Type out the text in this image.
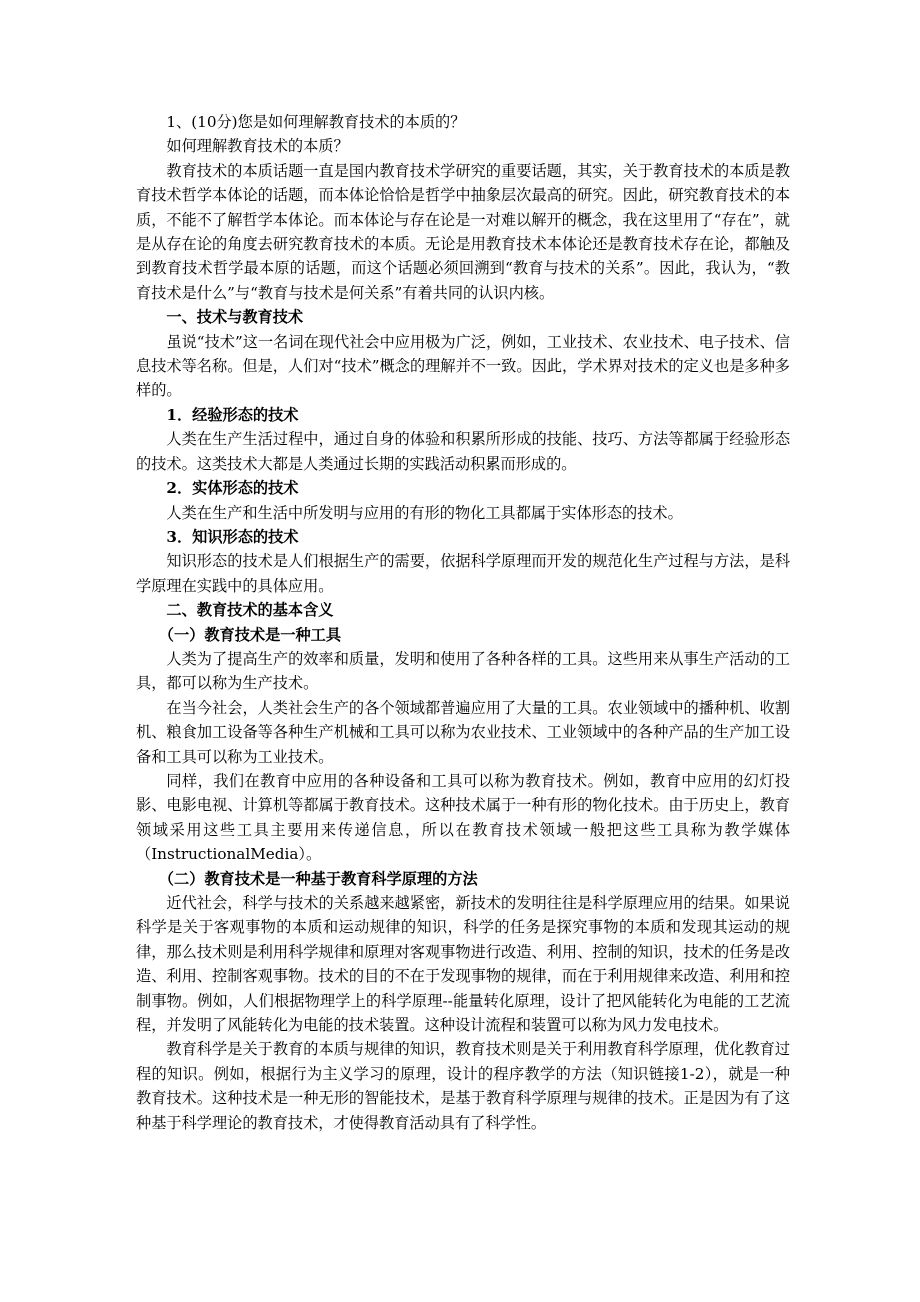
1、(10分)您是如何理解教育技术的本质的？

如何理解教育技术的本质？

教育技术的本质话题一直是国内教育技术学研究的重要话题，其实，关于教育技术的本质是教育技术哲学本体论的话题，而本体论恰恰是哲学中抽象层次最高的研究。因此，研究教育技术的本质，不能不了解哲学本体论。而本体论与存在论是一对难以解开的概念，我在这里用了“存在”，就是从存在论的角度去研究教育技术的本质。无论是用教育技术本体论还是教育技术存在论，都触及到教育技术哲学最本原的话题，而这个话题必须回溯到“教育与技术的关系”。因此，我认为，“教育技术是什么”与“教育与技术是何关系”有着共同的认识内核。

一、技术与教育技术

虽说“技术”这一名词在现代社会中应用极为广泛，例如，工业技术、农业技术、电子技术、信息技术等名称。但是，人们对“技术”概念的理解并不一致。因此，学术界对技术的定义也是多种多样的。

1．经验形态的技术

人类在生产生活过程中，通过自身的体验和积累所形成的技能、技巧、方法等都属于经验形态的技术。这类技术大都是人类通过长期的实践活动积累而形成的。

2．实体形态的技术

人类在生产和生活中所发明与应用的有形的物化工具都属于实体形态的技术。

3．知识形态的技术

知识形态的技术是人们根据生产的需要，依据科学原理而开发的规范化生产过程与方法，是科学原理在实践中的具体应用。

二、教育技术的基本含义

（一）教育技术是一种工具

人类为了提高生产的效率和质量，发明和使用了各种各样的工具。这些用来从事生产活动的工具，都可以称为生产技术。

在当今社会，人类社会生产的各个领域都普遍应用了大量的工具。农业领域中的播种机、收割机、粮食加工设备等各种生产机械和工具可以称为农业技术、工业领域中的各种产品的生产加工设备和工具可以称为工业技术。

同样，我们在教育中应用的各种设备和工具可以称为教育技术。例如，教育中应用的幻灯投影、电影电视、计算机等都属于教育技术。这种技术属于一种有形的物化技术。由于历史上，教育领域采用这些工具主要用来传递信息，所以在教育技术领域一般把这些工具称为教学媒体（InstructionalMedia）。

（二）教育技术是一种基于教育科学原理的方法

近代社会，科学与技术的关系越来越紧密，新技术的发明往往是科学原理应用的结果。如果说科学是关于客观事物的本质和运动规律的知识，科学的任务是探究事物的本质和发现其运动的规律，那么技术则是利用科学规律和原理对客观事物进行改造、利用、控制的知识，技术的任务是改造、利用、控制客观事物。技术的目的不在于发现事物的规律，而在于利用规律来改造、利用和控制事物。例如，人们根据物理学上的科学原理--能量转化原理，设计了把风能转化为电能的工艺流程，并发明了风能转化为电能的技术装置。这种设计流程和装置可以称为风力发电技术。

教育科学是关于教育的本质与规律的知识，教育技术则是关于利用教育科学原理，优化教育过程的知识。例如，根据行为主义学习的原理，设计的程序教学的方法（知识链接1-2），就是一种教育技术。这种技术是一种无形的智能技术，是基于教育科学原理与规律的技术。正是因为有了这种基于科学理论的教育技术，才使得教育活动具有了科学性。
